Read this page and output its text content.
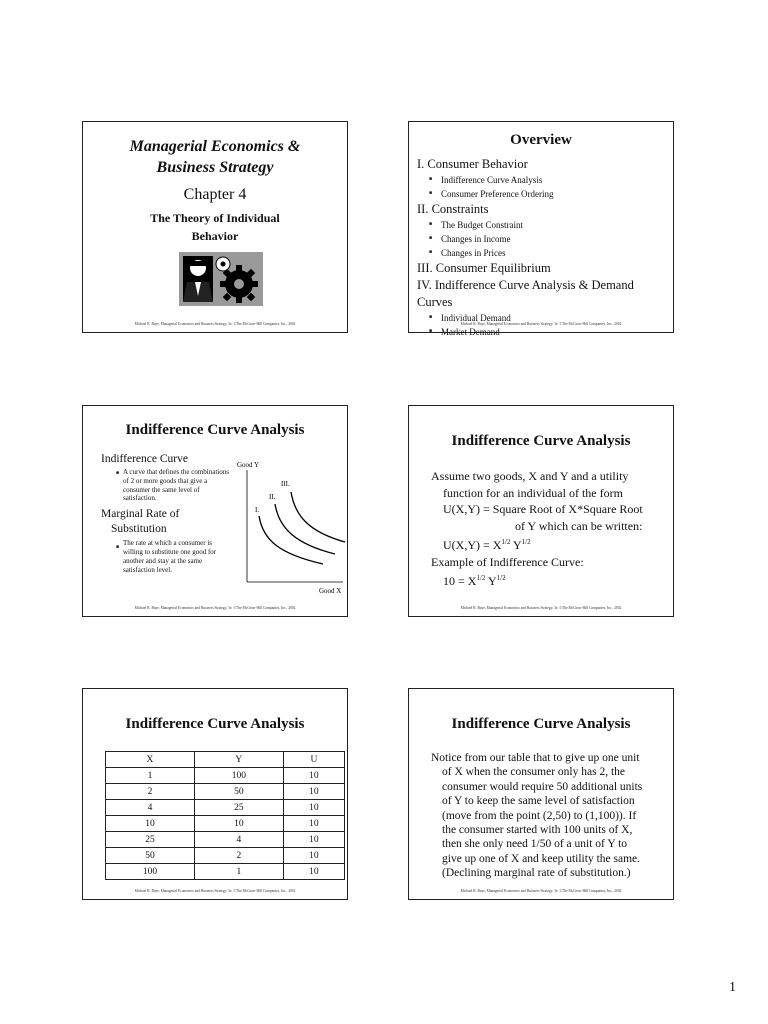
Managerial Economics &
Business Strategy
Chapter 4
The Theory of Individual
Behavior
Michael R. Baye, Managerial Economics and Business Strategy, 3e. ©The McGraw-Hill Companies, Inc., 2002
Overview
I. Consumer Behavior
■ Indifference Curve Analysis
■ Consumer Preference Ordering
II. Constraints
■ The Budget Constraint
■ Changes in Income
■ Changes in Prices
III. Consumer Equilibrium
IV. Indifference Curve Analysis & Demand Curves
■ Individual Demand
■ Market Demand
Michael R. Baye, Managerial Economics and Business Strategy, 3e. ©The McGraw-Hill Companies, Inc., 2002
Indifference Curve Analysis
Indifference Curve
A curve that defines the combinations of 2 or more goods that give a consumer the same level of satisfaction.
Marginal Rate of
Substitution
The rate at which a consumer is willing to substitute one good for another and stay at the same satisfaction level.
■
■
Good Y
Good X
I.
II.
III.
Michael R. Baye, Managerial Economics and Business Strategy, 3e. ©The McGraw-Hill Companies, Inc., 2002
Indifference Curve Analysis
Assume two goods, X and Y and a utility
function for an individual of the form
U(X,Y) = Square Root of X*Square Root
of Y which can be written:
$U(X,Y) = X^{1/2}$ $Y^{1/2}$
Example of Indifference Curve:
$10 = X^{1/2}$ $Y^{1/2}$
Michael R. Baye, Managerial Economics and Business Strategy, 3e. ©The McGraw-Hill Companies, Inc., 2002
Indifference Curve Analysis
X	Y	U
1	100	10
2	50	10
4	25	10
10	10	10
25	4	10
50	2	10
100	1	10
Michael R. Baye, Managerial Economics and Business Strategy, 3e. ©The McGraw-Hill Companies, Inc., 2002
Indifference Curve Analysis
Notice from our table that to give up one unit
of X when the consumer only has 2, the
consumer would require 50 additional units
of Y to keep the same level of satisfaction
(move from the point (2,50) to (1,100)). If
the consumer started with 100 units of X,
then she only need 1/50 of a unit of Y to
give up one of X and keep utility the same.
(Declining marginal rate of substitution.)
Michael R. Baye, Managerial Economics and Business Strategy, 3e. ©The McGraw-Hill Companies, Inc., 2002
1
